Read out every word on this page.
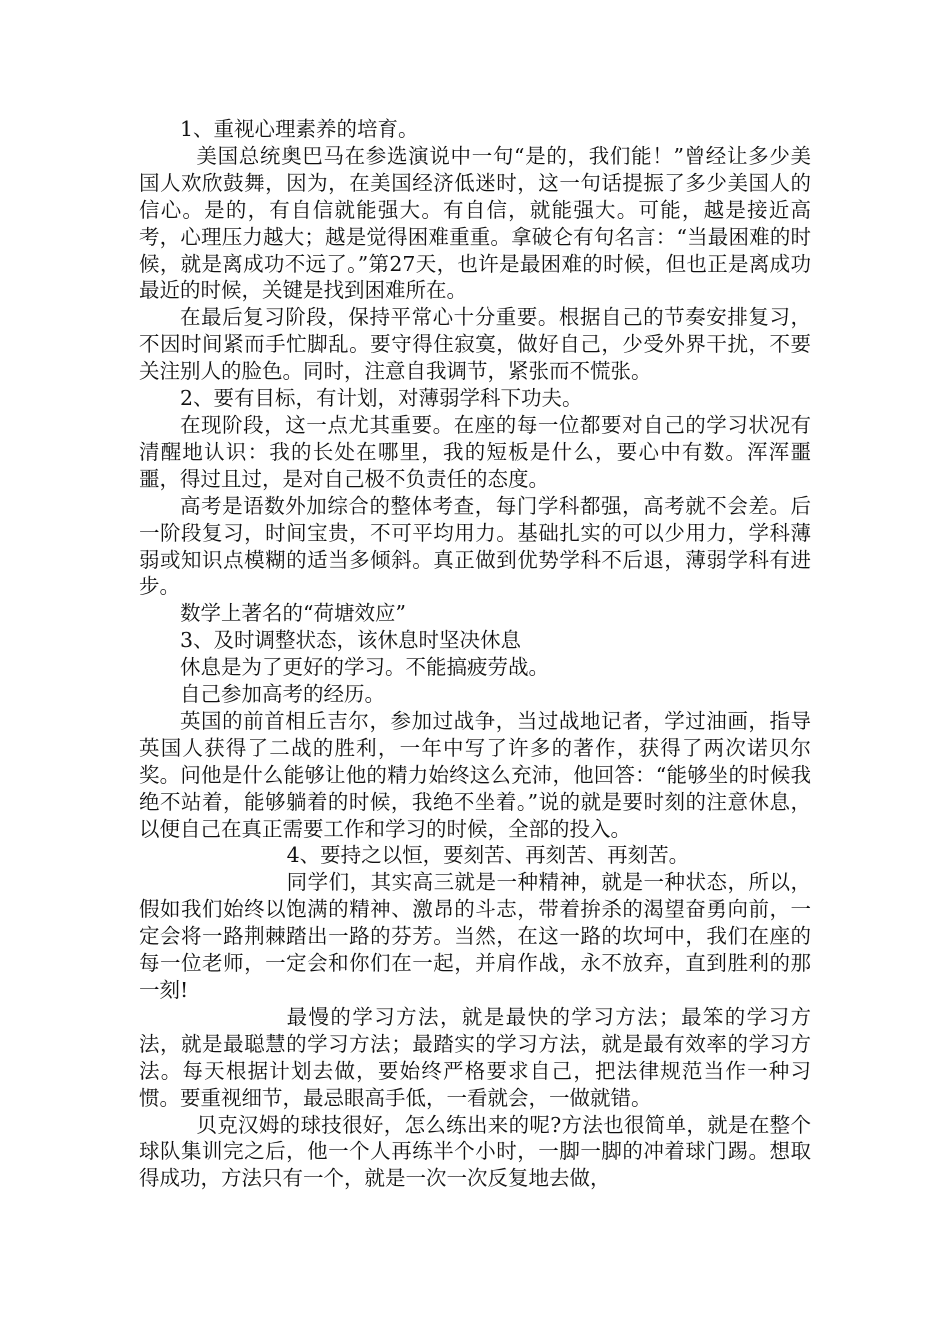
1、重视心理素养的培育。

美国总统奥巴马在参选演说中一句“是的，我们能！”曾经让多少美国人欢欣鼓舞，因为，在美国经济低迷时，这一句话提振了多少美国人的信心。是的，有自信就能强大。有自信，就能强大。可能，越是接近高考，心理压力越大；越是觉得困难重重。拿破仑有句名言：“当最困难的时候，就是离成功不远了。”第27天，也许是最困难的时候，但也正是离成功最近的时候，关键是找到困难所在。

在最后复习阶段，保持平常心十分重要。根据自己的节奏安排复习，不因时间紧而手忙脚乱。要守得住寂寞，做好自己，少受外界干扰，不要关注别人的脸色。同时，注意自我调节，紧张而不慌张。

2、要有目标，有计划，对薄弱学科下功夫。

在现阶段，这一点尤其重要。在座的每一位都要对自己的学习状况有清醒地认识：我的长处在哪里，我的短板是什么，要心中有数。浑浑噩噩，得过且过，是对自己极不负责任的态度。

高考是语数外加综合的整体考查，每门学科都强，高考就不会差。后一阶段复习，时间宝贵，不可平均用力。基础扎实的可以少用力，学科薄弱或知识点模糊的适当多倾斜。真正做到优势学科不后退，薄弱学科有进步。

数学上著名的“荷塘效应”

3、及时调整状态，该休息时坚决休息

休息是为了更好的学习。不能搞疲劳战。

自己参加高考的经历。

英国的前首相丘吉尔，参加过战争，当过战地记者，学过油画，指导英国人获得了二战的胜利，一年中写了许多的著作，获得了两次诺贝尔奖。问他是什么能够让他的精力始终这么充沛，他回答：“能够坐的时候我绝不站着，能够躺着的时候，我绝不坐着。”说的就是要时刻的注意休息，以便自己在真正需要工作和学习的时候，全部的投入。

4、要持之以恒，要刻苦、再刻苦、再刻苦。

同学们，其实高三就是一种精神，就是一种状态，所以，假如我们始终以饱满的精神、激昂的斗志，带着拚杀的渴望奋勇向前，一定会将一路荆棘踏出一路的芬芳。当然，在这一路的坎坷中，我们在座的每一位老师，一定会和你们在一起，并肩作战，永不放弃，直到胜利的那一刻!

最慢的学习方法，就是最快的学习方法；最笨的学习方法，就是最聪慧的学习方法；最踏实的学习方法，就是最有效率的学习方法。每天根据计划去做，要始终严格要求自己，把法律规范当作一种习惯。要重视细节，最忌眼高手低，一看就会，一做就错。

贝克汉姆的球技很好，怎么练出来的呢?方法也很简单，就是在整个球队集训完之后，他一个人再练半个小时，一脚一脚的冲着球门踢。想取得成功，方法只有一个，就是一次一次反复地去做，
